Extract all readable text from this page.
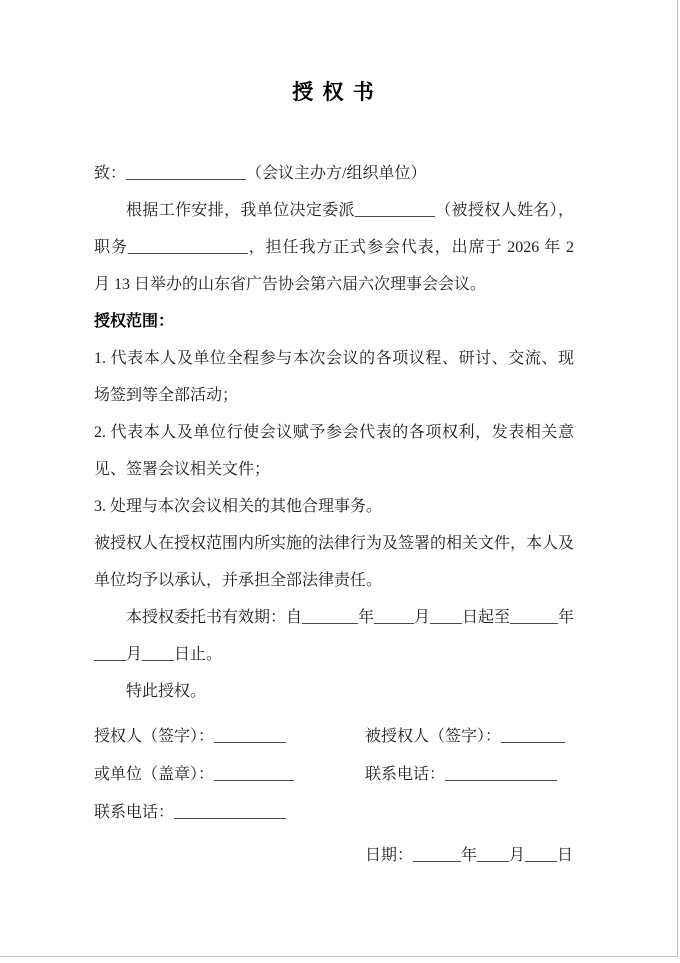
授 权 书
致：_______________（会议主办方/组织单位）
根据工作安排，我单位决定委派__________（被授权人姓名），
职务_______________，担任我方正式参会代表，出席于 2026 年 2
月 13 日举办的山东省广告协会第六届六次理事会会议。
授权范围：
1. 代表本人及单位全程参与本次会议的各项议程、研讨、交流、现
场签到等全部活动；
2. 代表本人及单位行使会议赋予参会代表的各项权利，发表相关意
见、签署会议相关文件；
3. 处理与本次会议相关的其他合理事务。
被授权人在授权范围内所实施的法律行为及签署的相关文件，本人及
单位均予以承认，并承担全部法律责任。
本授权委托书有效期：自_______年_____月____日起至______年
____月____日止。
特此授权。
授权人（签字）：_________	被授权人（签字）：________
或单位（盖章）：__________	联系电话：______________
联系电话：______________
日期：______年____月____日
